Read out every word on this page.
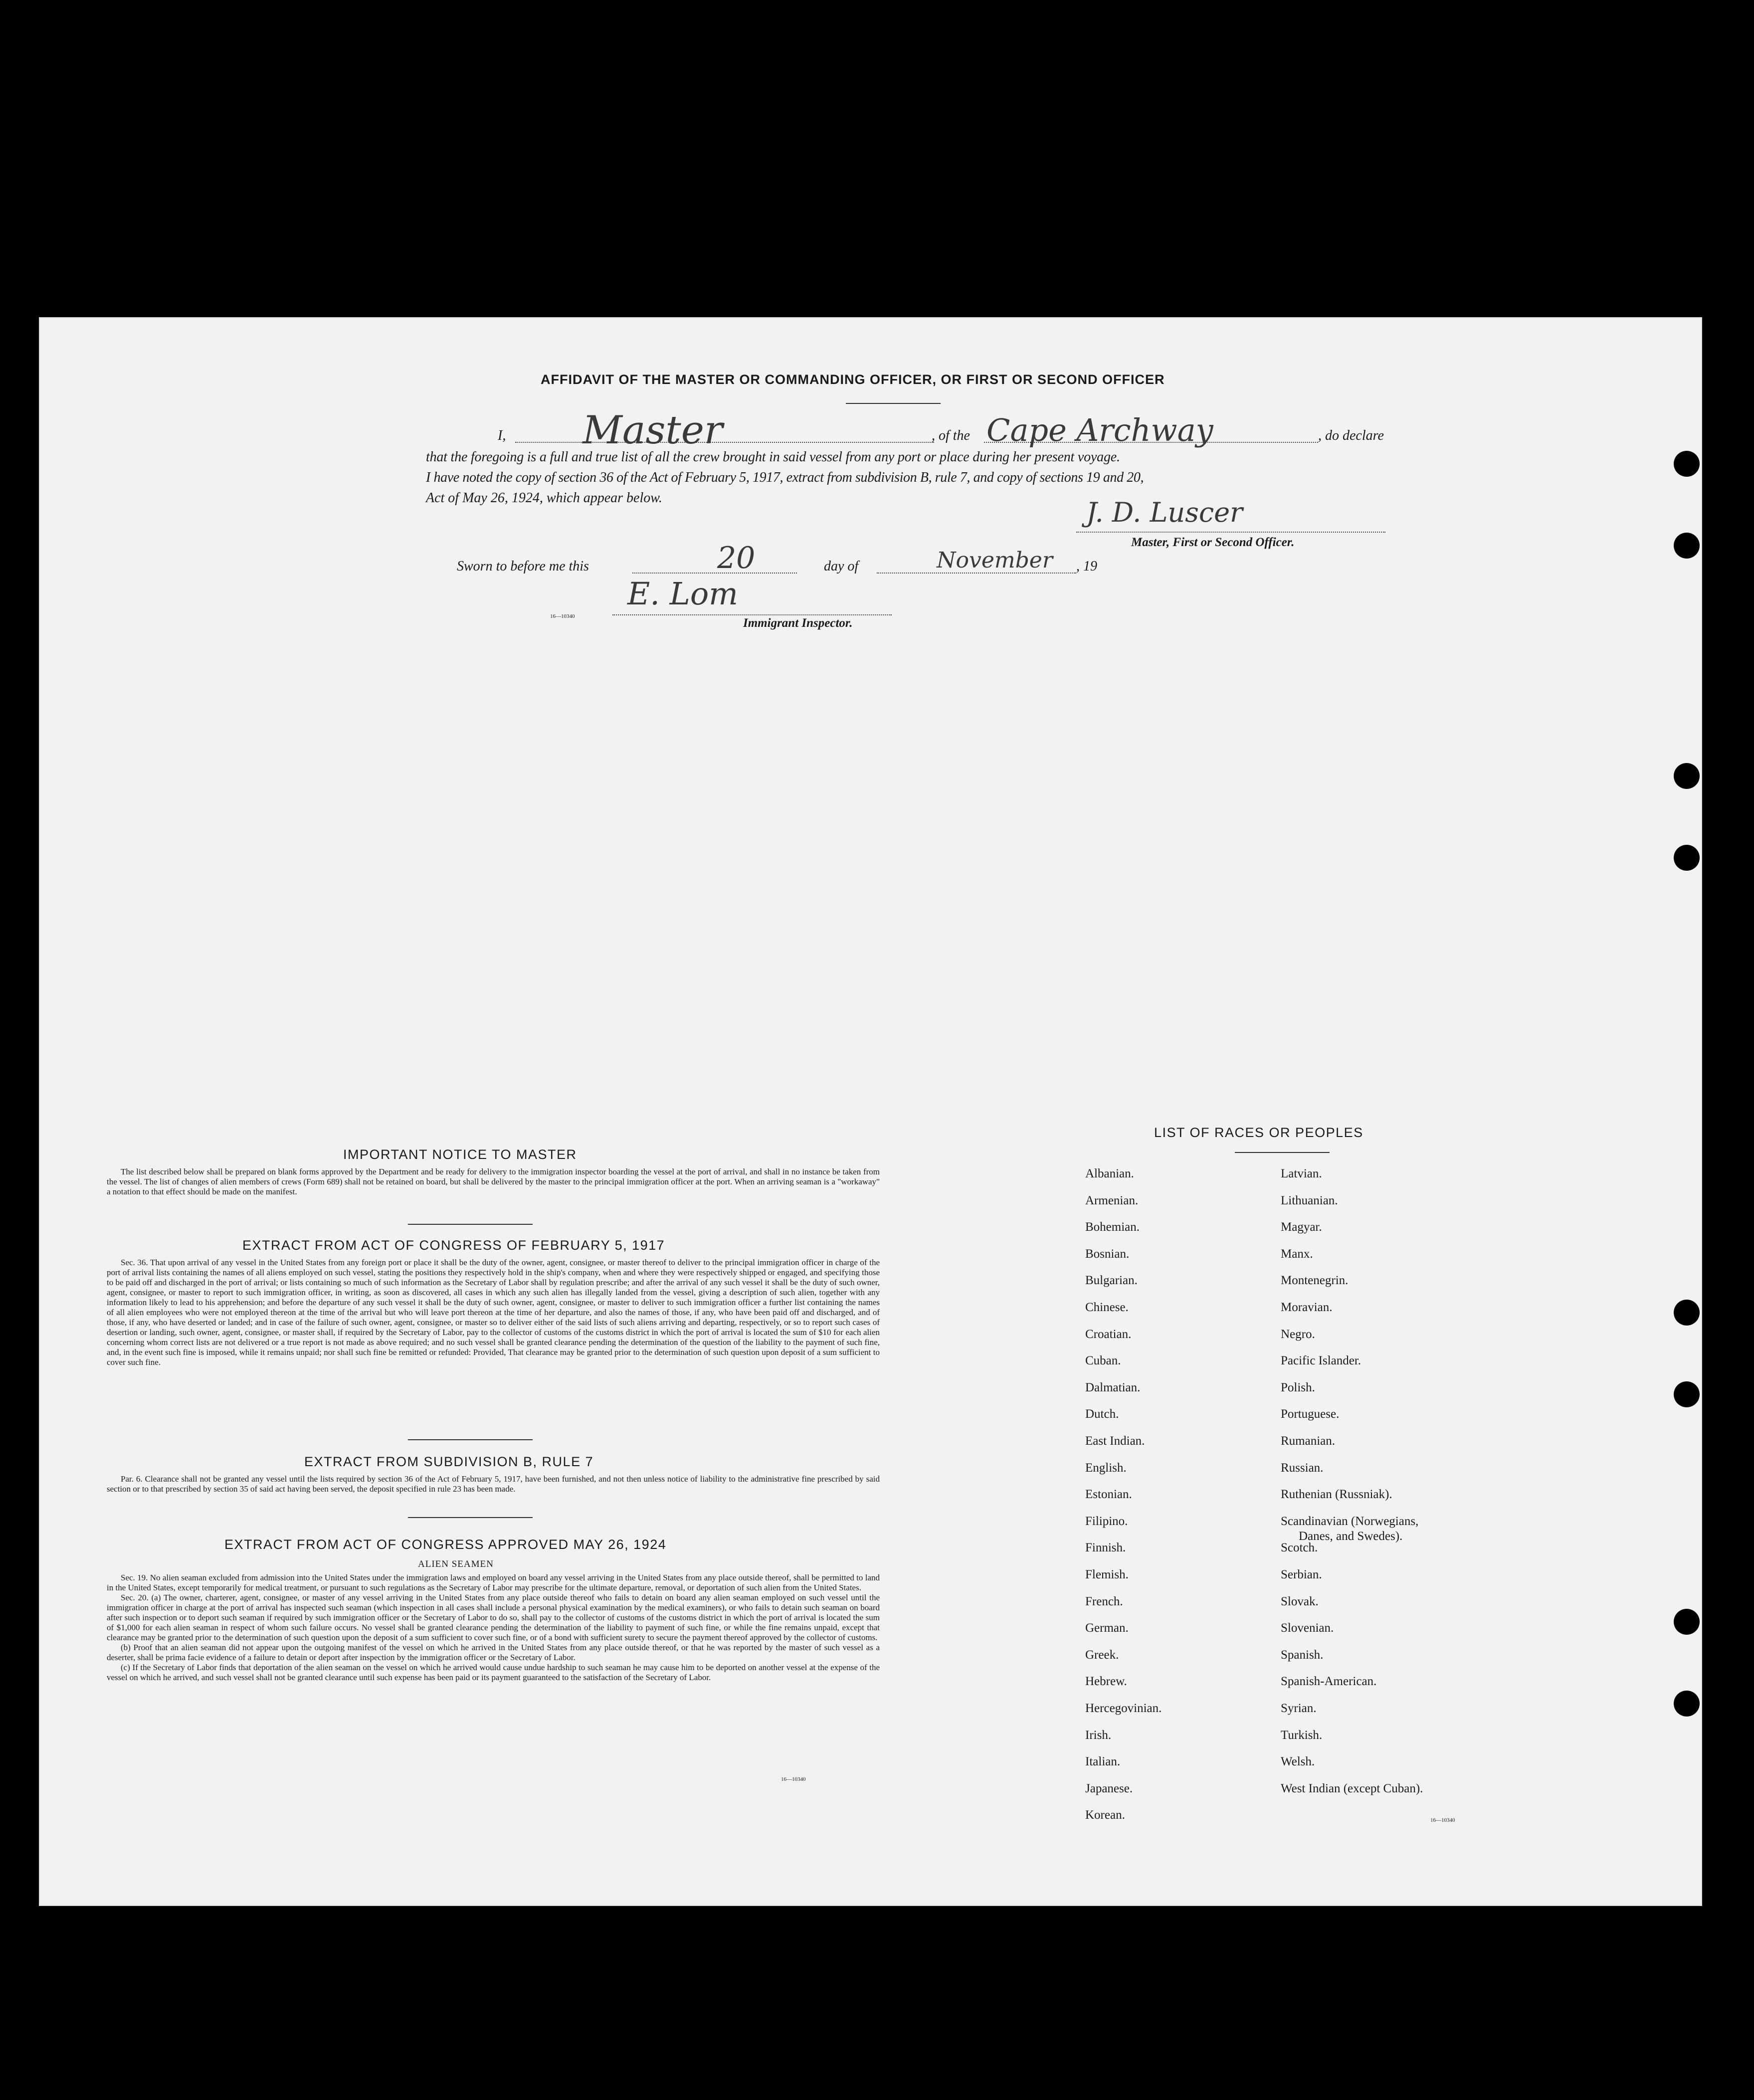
AFFIDAVIT OF THE MASTER OR COMMANDING OFFICER, OR FIRST OR SECOND OFFICER
I, Master	, of the Cape Archway	, do declare
that the foregoing is a full and true list of all the crew brought in said vessel from any port or place during her present voyage.
I have noted the copy of section 36 of the Act of February 5, 1917, extract from subdivision B, rule 7, and copy of sections 19 and 20,
Act of May 26, 1924, which appear below.	J. D. Luscer
Master, First or Second Officer.
Sworn to before me this	20	day of	November , 19
E. Lom
16—10340	Immigrant Inspector.
IMPORTANT NOTICE TO MASTER

The list described below shall be prepared on blank forms approved by the Department and be ready for delivery to the immigration inspector boarding the vessel at the port of arrival, and shall in no instance be taken from the vessel. The list of changes of alien members of crews (Form 689) shall not be retained on board, but shall be delivered by the master to the principal immigration officer at the port. When an arriving seaman is a "workaway" a notation to that effect should be made on the manifest.

EXTRACT FROM ACT OF CONGRESS OF FEBRUARY 5, 1917

Sec. 36. That upon arrival of any vessel in the United States from any foreign port or place it shall be the duty of the owner, agent, consignee, or master thereof to deliver to the principal immigration officer in charge of the port of arrival lists containing the names of all aliens employed on such vessel, stating the positions they respectively hold in the ship's company, when and where they were respectively shipped or engaged, and specifying those to be paid off and discharged in the port of arrival; or lists containing so much of such information as the Secretary of Labor shall by regulation prescribe; and after the arrival of any such vessel it shall be the duty of such owner, agent, consignee, or master to report to such immigration officer, in writing, as soon as discovered, all cases in which any such alien has illegally landed from the vessel, giving a description of such alien, together with any information likely to lead to his apprehension; and before the departure of any such vessel it shall be the duty of such owner, agent, consignee, or master to deliver to such immigration officer a further list containing the names of all alien employees who were not employed thereon at the time of the arrival but who will leave port thereon at the time of her departure, and also the names of those, if any, who have been paid off and discharged, and of those, if any, who have deserted or landed; and in case of the failure of such owner, agent, consignee, or master so to deliver either of the said lists of such aliens arriving and departing, respectively, or so to report such cases of desertion or landing, such owner, agent, consignee, or master shall, if required by the Secretary of Labor, pay to the collector of customs of the customs district in which the port of arrival is located the sum of $10 for each alien concerning whom correct lists are not delivered or a true report is not made as above required; and no such vessel shall be granted clearance pending the determination of the question of the liability to the payment of such fine, and, in the event such fine is imposed, while it remains unpaid; nor shall such fine be remitted or refunded: Provided, That clearance may be granted prior to the determination of such question upon deposit of a sum sufficient to cover such fine.

EXTRACT FROM SUBDIVISION B, RULE 7

Par. 6. Clearance shall not be granted any vessel until the lists required by section 36 of the Act of February 5, 1917, have been furnished, and not then unless notice of liability to the administrative fine prescribed by said section or to that prescribed by section 35 of said act having been served, the deposit specified in rule 23 has been made.

EXTRACT FROM ACT OF CONGRESS APPROVED MAY 26, 1924
ALIEN SEAMEN

Sec. 19. No alien seaman excluded from admission into the United States under the immigration laws and employed on board any vessel arriving in the United States from any place outside thereof, shall be permitted to land in the United States, except temporarily for medical treatment, or pursuant to such regulations as the Secretary of Labor may prescribe for the ultimate departure, removal, or deportation of such alien from the United States.

Sec. 20. (a) The owner, charterer, agent, consignee, or master of any vessel arriving in the United States from any place outside thereof who fails to detain on board any alien seaman employed on such vessel until the immigration officer in charge at the port of arrival has inspected such seaman (which inspection in all cases shall include a personal physical examination by the medical examiners), or who fails to detain such seaman on board after such inspection or to deport such seaman if required by such immigration officer or the Secretary of Labor to do so, shall pay to the collector of customs of the customs district in which the port of arrival is located the sum of $1,000 for each alien seaman in respect of whom such failure occurs. No vessel shall be granted clearance pending the determination of the liability to payment of such fine, or while the fine remains unpaid, except that clearance may be granted prior to the determination of such question upon the deposit of a sum sufficient to cover such fine, or of a bond with sufficient surety to secure the payment thereof approved by the collector of customs.

(b) Proof that an alien seaman did not appear upon the outgoing manifest of the vessel on which he arrived in the United States from any place outside thereof, or that he was reported by the master of such vessel as a deserter, shall be prima facie evidence of a failure to detain or deport after inspection by the immigration officer or the Secretary of Labor.

(c) If the Secretary of Labor finds that deportation of the alien seaman on the vessel on which he arrived would cause undue hardship to such seaman he may cause him to be deported on another vessel at the expense of the vessel on which he arrived, and such vessel shall not be granted clearance until such expense has been paid or its payment guaranteed to the satisfaction of the Secretary of Labor.

16—10340
LIST OF RACES OR PEOPLES
16—10340
Albanian.
Armenian.
Bohemian.
Bosnian.
Bulgarian.
Chinese.
Croatian.
Cuban.
Dalmatian.
Dutch.
East Indian.
English.
Estonian.
Filipino.
Finnish.
Flemish.
French.
German.
Greek.
Hebrew.
Hercegovinian.
Irish.
Italian.
Japanese.
Korean.
Latvian.
Lithuanian.
Magyar.
Manx.
Montenegrin.
Moravian.
Negro.
Pacific Islander.
Polish.
Portuguese.
Rumanian.
Russian.
Ruthenian (Russniak).
Scandinavian (Norwegians,
Danes, and Swedes).
Scotch.
Serbian.
Slovak.
Slovenian.
Spanish.
Spanish-American.
Syrian.
Turkish.
Welsh.
West Indian (except Cuban).
